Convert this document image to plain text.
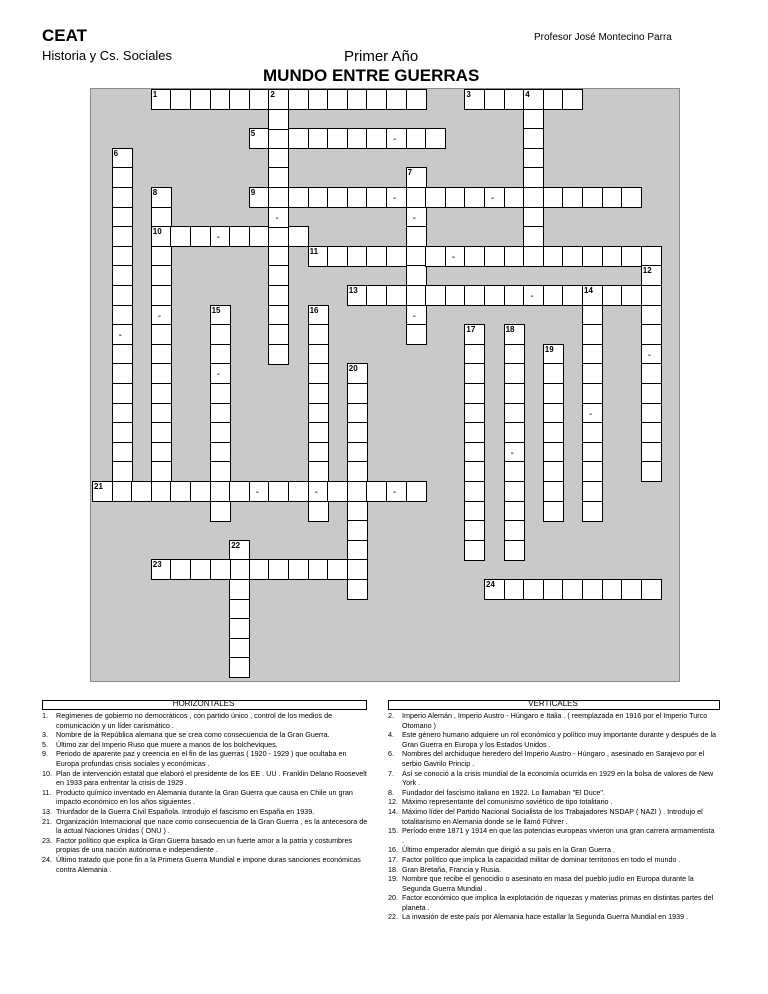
CEAT
Historia y Cs. Sociales
Profesor José Montecino Parra
Primer Año
MUNDO ENTRE GUERRAS
1	2	3	4
5
6
7
8	9
10
11
12
13	14
15	16
17	18
19
20
21
22
23
24
-
-	-
-	-
-
-
-
-	-
-
-
-
-
-
-	-	-
HORIZONTALES	VERTICALES
1. Regímenes de gobierno no democráticos , con partido único , control de los medios de comunicación y un líder carismático .
3. Nombre de la República alemana que se crea como consecuencia de la Gran Guerra.
5. Último zar del Imperio Ruso que muere a manos de los bolcheviques.
9. Periodo de aparente paz y creencia en el fin de las guerras ( 1920 - 1929 ) que ocultaba en Europa profundas crisis sociales y económicas .
10. Plan de intervención estatal que elaboró el presidente de los EE . UU . Franklin Delano Roosevelt en 1933 para enfrentar la crisis de 1929 .
11. Producto químico inventado en Alemania durante la Gran Guerra que causa en Chile un gran impacto económico en los años siguientes .
13. Triunfador de la Guerra Civil Española. Introdujo el fascismo en España en 1939.
21. Organización Internacional que nace como consecuencia de la Gran Guerra , es la antecesora de la actual Naciones Unidas ( ONU ) .
23. Factor político que explica la Gran Guerra basado en un fuerte amor a la patria y costumbres propias de una nación autónoma e independiente .
24. Último tratado que pone fin a la Primera Guerra Mundial e impone duras sanciones económicas contra Alemania .
2. Imperio Alemán , Imperio Austro - Húngaro e Italia . ( reemplazada en 1916 por el Imperio Turco Otomano )
4. Este género humano adquiere un rol económico y político muy importante durante y después de la Gran Guerra en Europa y los Estados Unidos .
6. Nombres del archiduque heredero del Imperio Austro - Húngaro , asesinado en Sarajevo por el serbio Gavrilo Princip .
7. Así se conoció a la crisis mundial de la economía ocurrida en 1929 en la bolsa de valores de New York .
8. Fundador del fascismo italiano en 1922. Lo llamaban "El Duce".
12. Máximo representante del comunismo soviético de tipo totalitario .
14. Máximo líder del Partido Nacional Socialista de los Trabajadores NSDAP ( NAZI ) . Introdujo el totalitarismo en Alemania donde se le llamó Führer .
15. Período entre 1871 y 1914 en que las potencias europeas vivieron una gran carrera armamentista .
16. Último emperador alemán que dirigió a su país en la Gran Guerra .
17. Factor político que implica la capacidad militar de dominar territorios en todo el mundo .
18. Gran Bretaña, Francia y Rusia.
19. Nombre que recibe el genocidio o asesinato en masa del pueblo judío en Europa durante la Segunda Guerra Mundial .
20. Factor económico que implica la explotación de riquezas y materias primas en distintas partes del planeta .
22. La invasión de este país por Alemania hace estallar la Segunda Guerra Mundial en 1939 .
